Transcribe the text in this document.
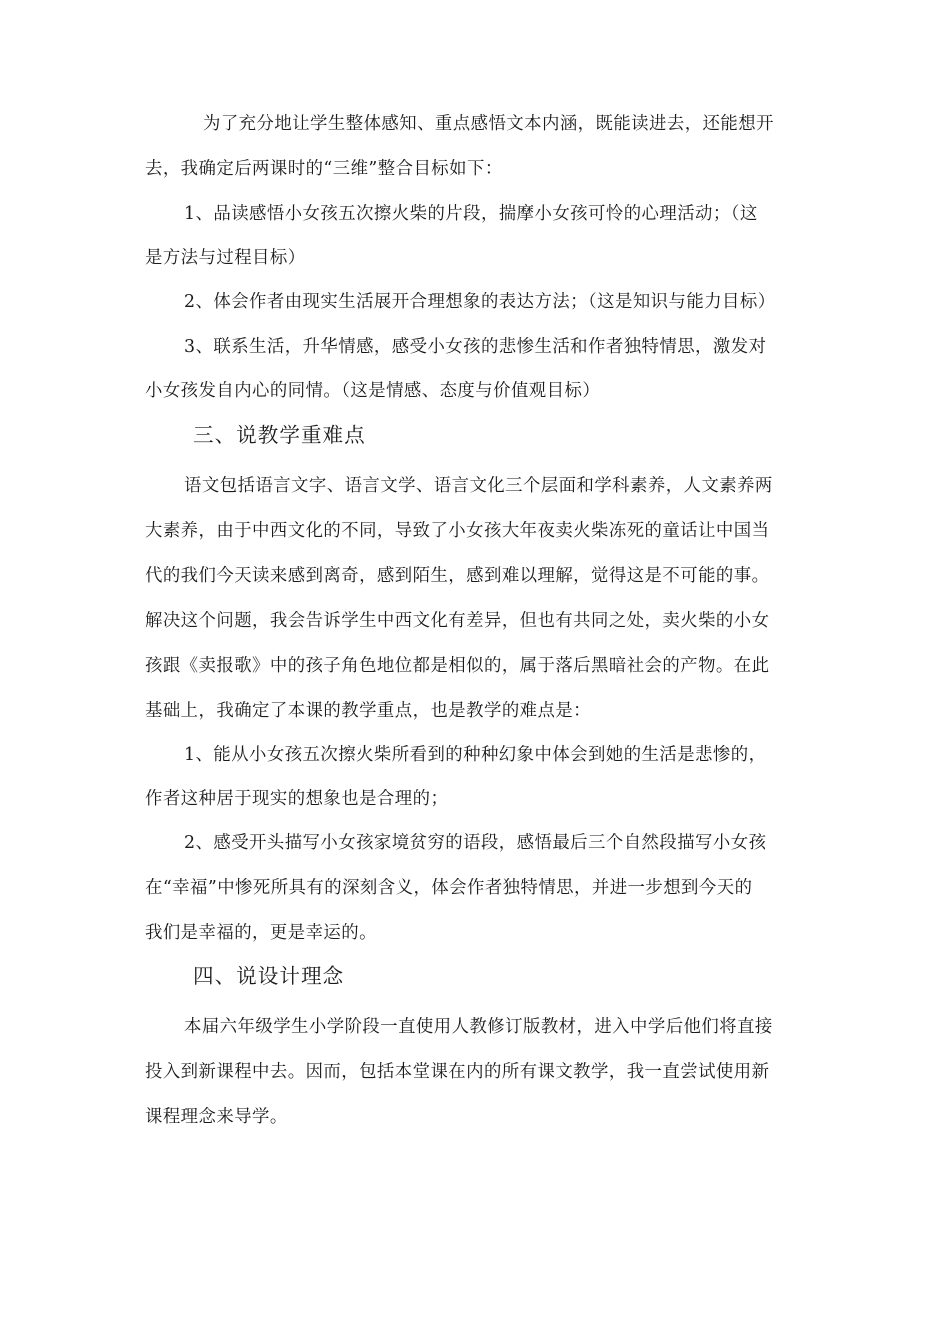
为了充分地让学生整体感知、重点感悟文本内涵，既能读进去，还能想开
去，我确定后两课时的“三维”整合目标如下：
1、品读感悟小女孩五次擦火柴的片段，揣摩小女孩可怜的心理活动；（这
是方法与过程目标）
2、体会作者由现实生活展开合理想象的表达方法；（这是知识与能力目标）
3、联系生活，升华情感，感受小女孩的悲惨生活和作者独特情思，激发对
小女孩发自内心的同情。（这是情感、态度与价值观目标）
三、说教学重难点
语文包括语言文字、语言文学、语言文化三个层面和学科素养，人文素养两
大素养，由于中西文化的不同，导致了小女孩大年夜卖火柴冻死的童话让中国当
代的我们今天读来感到离奇，感到陌生，感到难以理解，觉得这是不可能的事。
解决这个问题，我会告诉学生中西文化有差异，但也有共同之处，卖火柴的小女
孩跟《卖报歌》中的孩子角色地位都是相似的，属于落后黑暗社会的产物。在此
基础上，我确定了本课的教学重点，也是教学的难点是：
1、能从小女孩五次擦火柴所看到的种种幻象中体会到她的生活是悲惨的，
作者这种居于现实的想象也是合理的；
2、感受开头描写小女孩家境贫穷的语段，感悟最后三个自然段描写小女孩
在“幸福”中惨死所具有的深刻含义，体会作者独特情思，并进一步想到今天的
我们是幸福的，更是幸运的。
四、说设计理念
本届六年级学生小学阶段一直使用人教修订版教材，进入中学后他们将直接
投入到新课程中去。因而，包括本堂课在内的所有课文教学，我一直尝试使用新
课程理念来导学。
